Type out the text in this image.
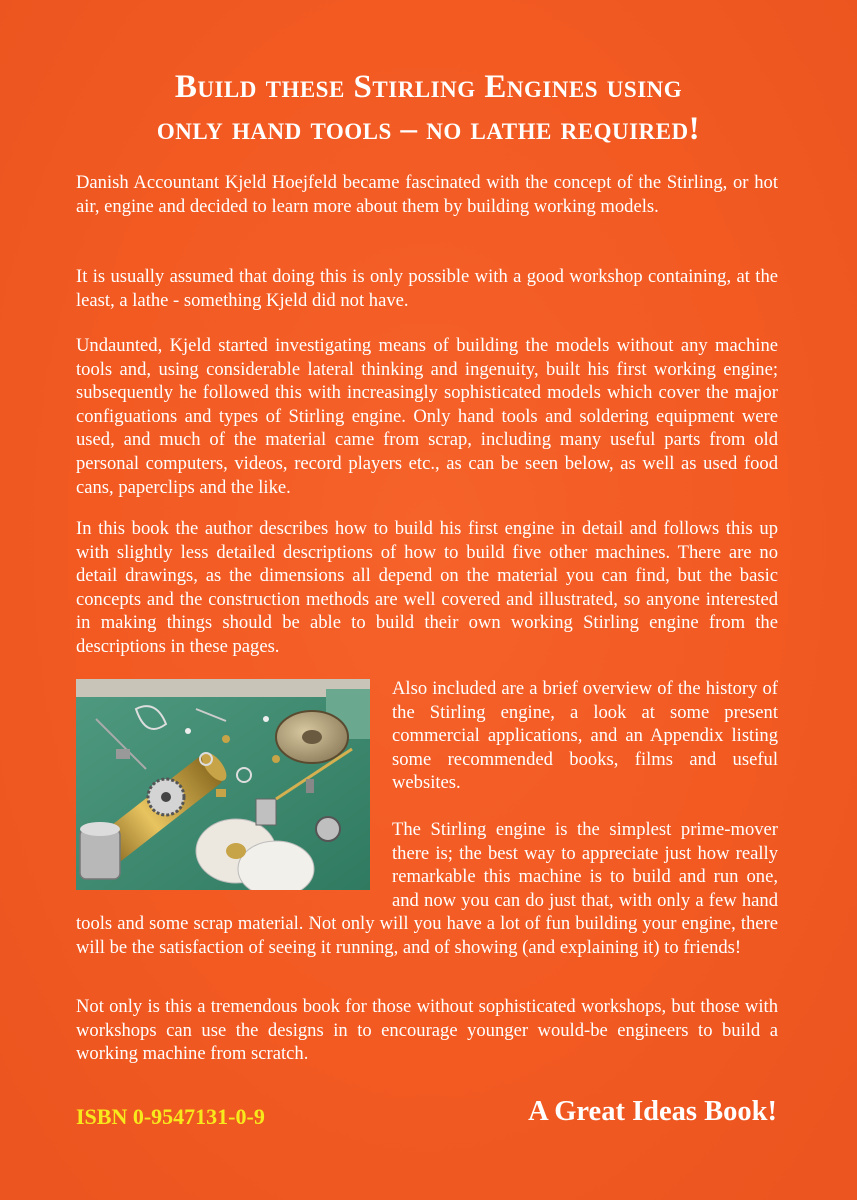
Build these Stirling Engines using
only hand tools – no lathe required!

Danish Accountant Kjeld Hoejfeld became fascinated with the concept of the Stirling, or hot air, engine and decided to learn more about them by building working models.

It is usually assumed that doing this is only possible with a good workshop containing, at the least, a lathe - something Kjeld did not have.

Undaunted, Kjeld started investigating means of building the models without any machine tools and, using considerable lateral thinking and ingenuity, built his first working engine; subsequently he followed this with increasingly sophisticated models which cover the major configuations and types of Stirling engine. Only hand tools and soldering equipment were used, and much of the material came from scrap, including many useful parts from old personal computers, videos, record players etc., as can be seen below, as well as used food cans, paperclips and the like.

In this book the author describes how to build his first engine in detail and follows this up with slightly less detailed descriptions of how to build five other machines. There are no detail drawings, as the dimensions all depend on the material you can find, but the basic concepts and the construction methods are well covered and illustrated, so anyone interested in making things should be able to build their own working Stirling engine from the descriptions in these pages.

Also included are a brief overview of the history of the Stirling engine, a look at some present commercial applications, and an Appendix listing some recommended books, films and useful websites.

The Stirling engine is the simplest prime-mover there is; the best way to appreciate just how really remarkable this machine is to build and run one, and now you can do just that, with only a few hand tools and some scrap material. Not only will you have a lot of fun building your engine, there will be the satisfaction of seeing it running, and of showing (and explaining it) to friends!

Not only is this a tremendous book for those without sophisticated workshops, but those with workshops can use the designs in to encourage younger would-be engineers to build a working machine from scratch.

ISBN 0-9547131-0-9	A Great Ideas Book!
